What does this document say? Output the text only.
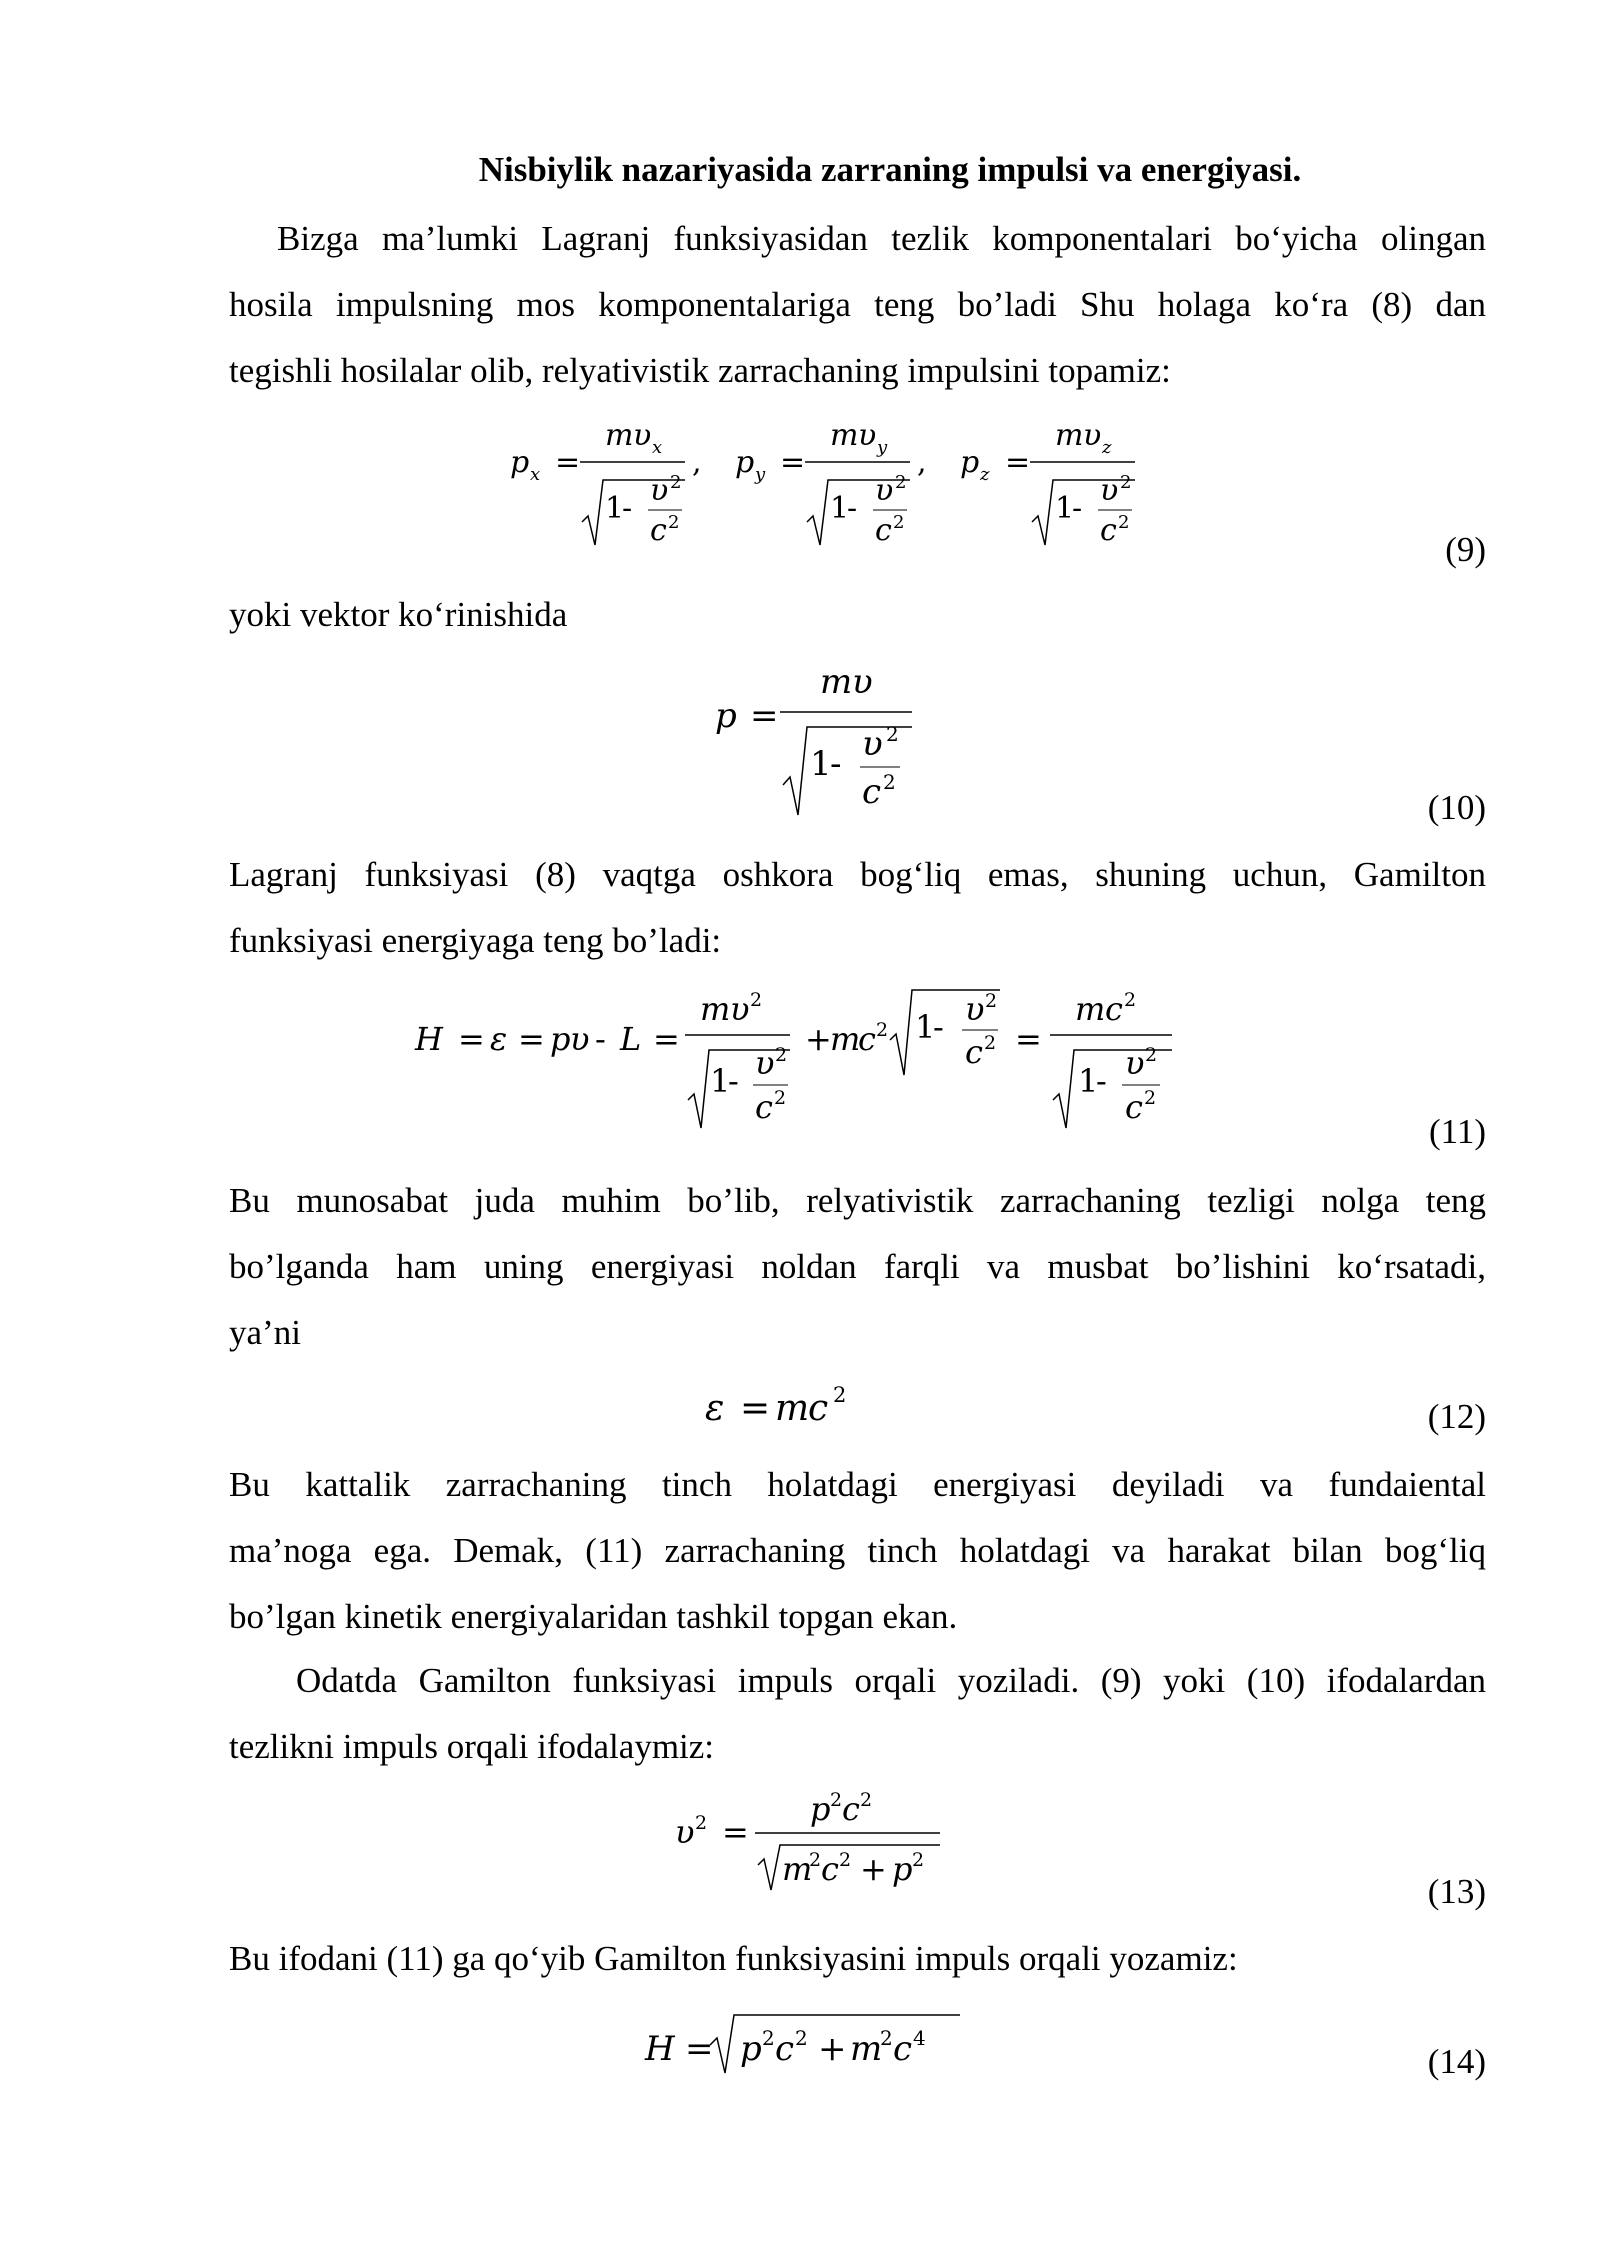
Nisbiylik nazariyasida zarraning impulsi va energiyasi.
Bizga ma’lumki Lagranj funksiyasidan tezlik komponentalari bo‘yicha olingan
hosila impulsning mos komponentalariga teng bo’ladi Shu holaga ko‘ra (8) dan
tegishli hosilalar olib, relyativistik zarrachaning impulsini topamiz:
p x =
m υ x
1
-
υ 2
c 2
, p y =
m υ y
1
-
υ 2
c 2
, p z =
m υ z
1
-
υ 2
c 2
(9)
yoki vektor ko‘rinishida
p =
m υ
1
- υ 2
c 2
(10)
Lagranj funksiyasi (8) vaqtga oshkora bog‘liq emas, shuning uchun, Gamilton
funksiyasi energiyaga teng bo’ladi:
H = ε = p υ - L =
m υ 2
1
- υ 2
c 2
+
m
c 2 1
- υ 2
c 2 =
m c 2
1
- υ 2
c 2
(11)
Bu munosabat juda muhim bo’lib, relyativistik zarrachaning tezligi nolga teng
bo’lganda ham uning energiyasi noldan farqli va musbat bo’lishini ko‘rsatadi,
ya’ni
ε = m
c 2
(12)
Bu kattalik zarrachaning tinch holatdagi energiyasi deyiladi va fundaiental
ma’noga ega. Demak, (11) zarrachaning tinch holatdagi va harakat bilan bog‘liq
bo’lgan kinetik energiyalaridan tashkil topgan ekan.
Odatda Gamilton funksiyasi impuls orqali yoziladi. (9) yoki (10) ifodalardan
tezlikni impuls orqali ifodalaymiz:
υ 2 =
p 2 c 2
m
2 c 2 + p 2
(13)
Bu ifodani (11) ga qo‘yib Gamilton funksiyasini impuls orqali yozamiz:
H = p 2 c 2 + m
2 c 4
(14)
